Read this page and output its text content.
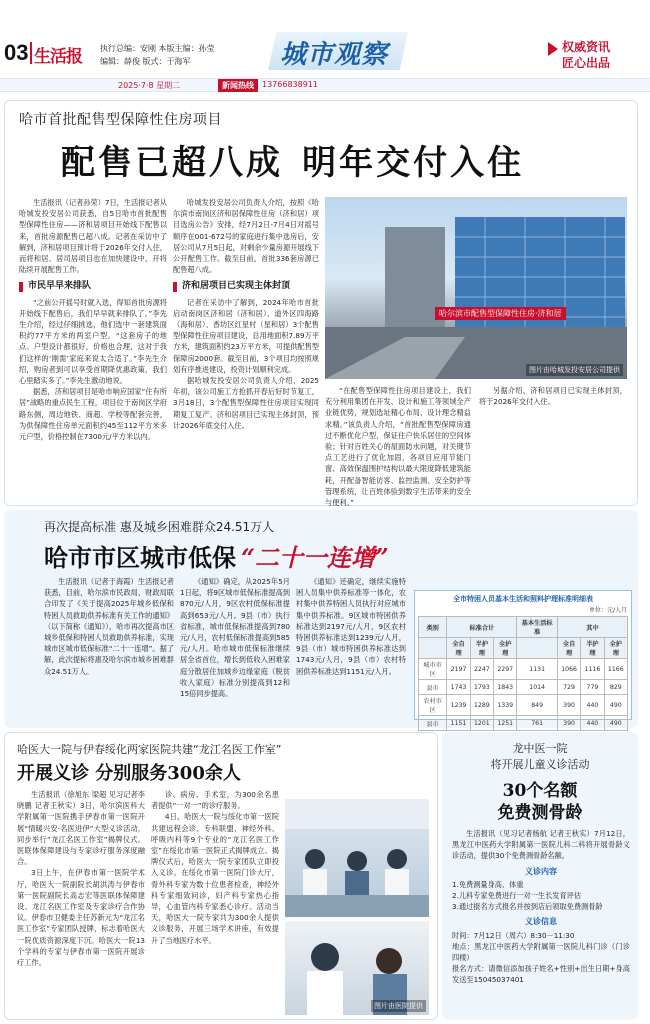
03 生活报 执行总编：安刚 本版主编：孙莹
编辑：薛俊 版式：于海军	城市观察	权威资讯
匠心出品
2025·7·8 星期二	新闻热线	13766838911
哈市首批配售型保障性住房项目
配售已超八成 明年交付入住

生活报讯（记者孙荣）7日，生活报记者从哈城发投安居公司获悉，自5日哈市首批配售型保障性住房——济和居项目开始线下配售以来，首批房源配售已超八成。记者在采访中了解到，济和居项目预计将于2026年交付入住，而将和居、居司居项目也在加快建设中，开将陆续开展配售工作。

市民早早来排队

“之前公开摇号时就入选，得知首批房源将开始线下配售后，我们早早就来排队了。”李先生介绍，经过仔细挑选，他们选中一套建筑面积约77平方米的两室户型。“这套房子的地点、户型设计都很好，价格也合理，这对于我们这样的‘刚需’家庭来说太合适了。”李先生介绍，购房者到可以享受首期降优惠政策，我们心里踏实多了。”李先生激动地说。

据悉，济和居项目是哈市响应国家“住有所居”战略的重点民生工程，项目位于南岗区学府路东侧，周边地铁、商超、学校等配套完善，为供保障性住房单元面积约45至112平方米多元户型，价格控制在7300元/平方米以内。

哈城发投安居公司负责人介绍，按照《哈尔滨市南岗区济和居保障性住房（济和居）项目选房公告》安排，经7月2日-7月4日对摇号顺序在001-672号的家庭进行集中选房后，安居公司从7月5日起，对剩余少量房源开展线下公开配售工作。截至目前，首批336套房源已配售超八成。

济和居项目已实现主体封顶

记者在采访中了解到，2024年哈市首批启动南岗区济和居（济和居）、道外区四海路（海和居）、香坊区红星村（星和居）3个配售型保障性住房项目建设，总用地面积7.89万平方米，建筑面积约23万平方米，可提供配售型保障房2000套。截至目前，3个项目均按照规划有序推进建设，投资计划顺利完成。

据哈城发投安居公司负责人介绍，2025年初，该公司施工方抢抓开春后好时节复工，3月18日，3个配售型保障性住房项目实现同期复工复产。济和居项目已实现主体封顶，预计2026年底交付入住。

哈尔滨市配售型保障性住房·济和居
图片由哈城发投安居公司提供

“在配售型保障性住房项目建设上，我们充分利用集团在开发、设计和施工等领域全产业链优势，规划选址精心布局、设计理念精益求精。”该负责人介绍，“首批配售型保障房通过不断优化户型，保证住户快乐居住的空间体验；针对百姓关心的屋面防水问题，对关键节点工艺进行了优化加固，各项目应用节能门窗、高效保温围护结构以最大限度降低建筑能耗，开配备智能访客、监控监测、安全防护等管理系统，让百姓体验到数字生活带来的安全与便利。”

另据介绍，济和居项目已实现主体封顶，将于2026年交付入住。

再次提高标准 惠及城乡困难群众24.51万人
哈市市区城市低保 “二十一连增”

生活报讯（记者于海霞）生活报记者获悉，目前，哈尔滨市民政局、财政局联合印发了《关于提高2025年城乡低保和特困人员救助供养标准有关工作的通知》（以下简称《通知》），哈市再次提高市区城乡低保和特困人员救助供养标准，实现城市区城市低保标准“二十一连增”。据了解，此次提标将惠及哈尔滨市城乡困难群众24.51万人。

《通知》确定，从2025年5月1日起，将9区城市低保标准提高到870元/人月，9区农村低保标准提高到653元/人月。9县（市）执行省标准，城市低保标准提高到780元/人月，农村低保标准提高到585元/人月。哈市城市低保标准继续居全省首位，增长到低收入困难家庭分散居住加城乡边缘家庭（脱贫收入家庭）标准分别提高到12和15倍同步提高。

《通知》还确定，继续实施特困人员集中供养标准等一体化，农村集中供养特困人员执行对应城市集中供养标准。9区城市特困供养标准达到2197元/人月，9区农村特困供养标准达到1239元/人月，9县（市）城市特困供养标准达到1743元/人月，9县（市）农村特困供养标准达到1151元/人月。

全市特困人员基本生活和照料护理标准明细表
单位：元/人月
类别	标准合计			基本生活标准	其中		
	全自理	半护理	全护理		全自理	半护理	全护理
城市市区	2197	2247	2297	1131	1066	1116	1166
县市	1743	1793	1843	1014	729	779	829
农村市区	1239	1289	1339	849	390	440	490
县市	1151	1201	1251	761	390	440	490
哈医大一院与伊春绥化两家医院共建“龙江名医工作室”
开展义诊 分别服务300余人

生活报讯（徐旭东 梁超 见习记者李晓鹏 记者王秋实）3日，哈尔滨医科大学附属第一医院携手伊春市第一医院开展“情暖兴安·名医进伊”大型义诊活动，同步举行“龙江名医工作室”揭牌仪式。医联体保障建设与专家诊疗服务深度融合。

3日上午，在伊春市第一医院学术厅，哈医大一院副院长胡洪涛与伊春市第一医院副院长高志宏等医联体保障建设、龙江名医工作室及专家诊疗合作协议。伊春市卫健委主任苏新元为“龙江名医工作室”专家团队授牌，标志着哈医大一院优质资源深度下沉。哈医大一院13个学科的专家与伊春市第一医院开展诊疗工作。

诊、病房、手术室，为300余名患者提供“一对一”的诊疗服务。

4日，哈医大一院与绥化市第一医院共建远程会诊、专科联盟、神经外科、呼吸内科等9个专业的“龙江名医工作室”在绥化市第一医院正式揭牌成立。揭牌仪式后，哈医大一院专家团队立即投入义诊。在绥化市第一医院门诊大厅，骨外科专家为数十位患者检查，神经外科专家细致问诊，妇产科专家热心指导，心血管内科专家悉心诊疗。活动当天，哈医大一院专家共为300余人提供义诊服务，开展三场学术讲座，有效提升了当地医疗水平。

图片由医院提供
龙中医一院
将开展儿童义诊活动
30个名额
免费测骨龄

生活报讯（见习记者杨航 记者王秋实）7月12日，黑龙江中医药大学附属第一医院儿科二科将开展骨龄义诊活动，提供30个免费测骨龄名额。

义诊内容
1.免费测量身高、体重
2.儿科专家免费进行一对一生长发育评估
3.通过报名方式报名并按到店后领取免费测骨龄
义诊信息
时间：7月12日（周六）8:30－11:30
地点：黑龙江中医药大学附属第一医院儿科门诊（门诊四楼）
报名方式：请微信添加孩子姓名+性别+出生日期+身高发送至15045037401
